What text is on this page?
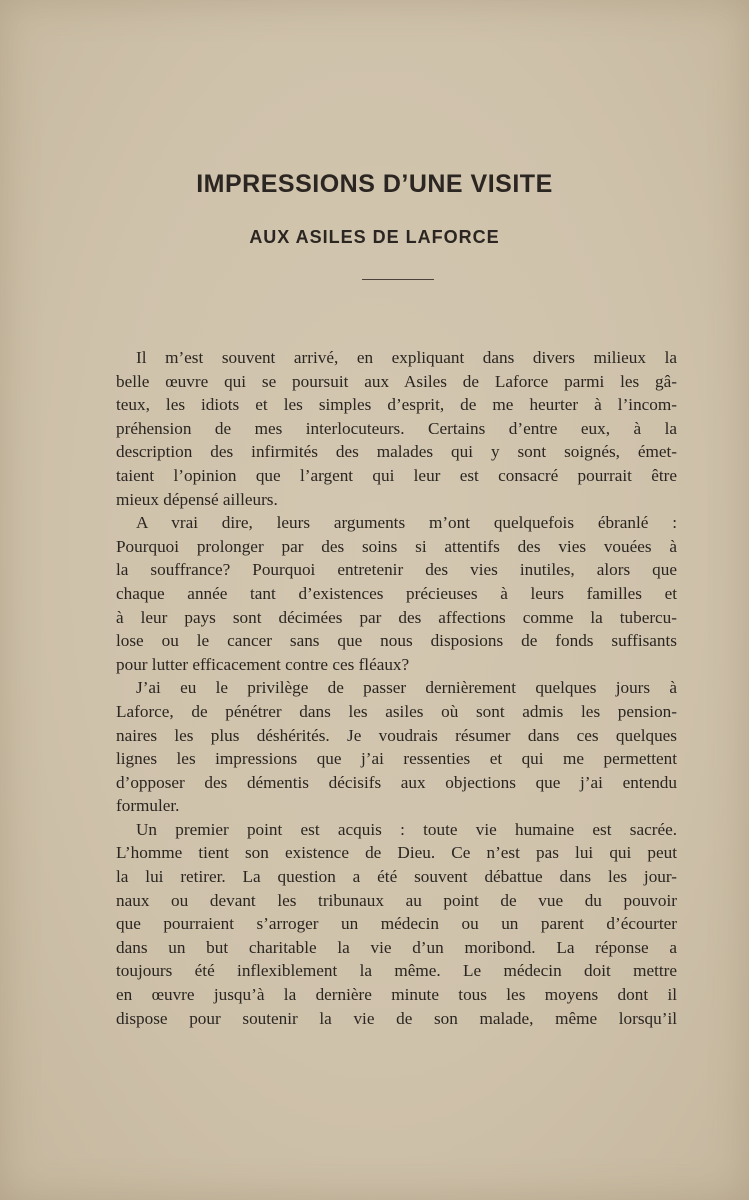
IMPRESSIONS D’UNE VISITE
AUX ASILES DE LAFORCE
Il m’est souvent arrivé, en expliquant dans divers milieux la
belle œuvre qui se poursuit aux Asiles de Laforce parmi les gâ-
teux, les idiots et les simples d’esprit, de me heurter à l’incom-
préhension de mes interlocuteurs. Certains d’entre eux, à la
description des infirmités des malades qui y sont soignés, émet-
taient l’opinion que l’argent qui leur est consacré pourrait être
mieux dépensé ailleurs.
A vrai dire, leurs arguments m’ont quelquefois ébranlé :
Pourquoi prolonger par des soins si attentifs des vies vouées à
la souffrance? Pourquoi entretenir des vies inutiles, alors que
chaque année tant d’existences précieuses à leurs familles et
à leur pays sont décimées par des affections comme la tubercu-
lose ou le cancer sans que nous disposions de fonds suffisants
pour lutter efficacement contre ces fléaux?
J’ai eu le privilège de passer dernièrement quelques jours à
Laforce, de pénétrer dans les asiles où sont admis les pension-
naires les plus déshérités. Je voudrais résumer dans ces quelques
lignes les impressions que j’ai ressenties et qui me permettent
d’opposer des démentis décisifs aux objections que j’ai entendu
formuler.
Un premier point est acquis : toute vie humaine est sacrée.
L’homme tient son existence de Dieu. Ce n’est pas lui qui peut
la lui retirer. La question a été souvent débattue dans les jour-
naux ou devant les tribunaux au point de vue du pouvoir
que pourraient s’arroger un médecin ou un parent d’écourter
dans un but charitable la vie d’un moribond. La réponse a
toujours été inflexiblement la même. Le médecin doit mettre
en œuvre jusqu’à la dernière minute tous les moyens dont il
dispose pour soutenir la vie de son malade, même lorsqu’il
